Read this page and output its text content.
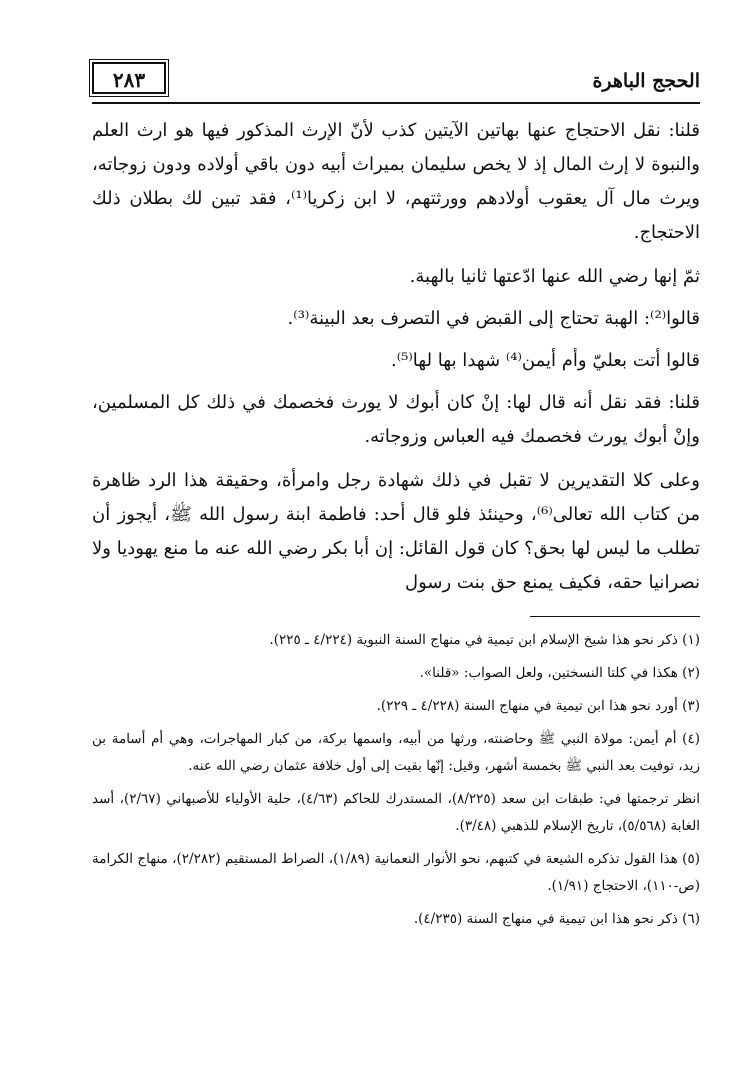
الحجج الباهرة
٢٨٣

قلنا: نقل الاحتجاج عنها بهاتين الآيتين كذب لأنّ الإرث المذكور فيها هو ارث العلم والنبوة لا إرث المال إذ لا يخص سليمان بميراث أبيه دون باقي أولاده ودون زوجاته، ويرث مال آل يعقوب أولادهم وورثتهم، لا ابن زكريا⁽¹⁾، فقد تبين لك بطلان ذلك الاحتجاج.

ثمّ إنها رضي الله عنها ادّعتها ثانيا بالهبة.

قالوا⁽²⁾: الهبة تحتاج إلى القبض في التصرف بعد البينة⁽³⁾.

قالوا أتت بعليّ وأم أيمن⁽⁴⁾ شهدا بها لها⁽⁵⁾.

قلنا: فقد نقل أنه قال لها: إنْ كان أبوك لا يورث فخصمك في ذلك كل المسلمين، وإنْ أبوك يورث فخصمك فيه العباس وزوجاته.

وعلى كلا التقديرين لا تقبل في ذلك شهادة رجل وامرأة، وحقيقة هذا الرد ظاهرة من كتاب الله تعالى⁽⁶⁾، وحينئذ فلو قال أحد: فاطمة ابنة رسول الله ﷺ، أيجوز أن تطلب ما ليس لها بحق؟ كان قول القائل: إن أبا بكر رضي الله عنه ما منع يهوديا ولا نصرانيا حقه، فكيف يمنع حق بنت رسول

(١) ذكر نحو هذا شيخ الإسلام ابن تيمية في منهاج السنة النبوية (٤/٢٢٤ ـ ٢٢٥).

(٢) هكذا في كلتا النسختين، ولعل الصواب: «قلنا».

(٣) أورد نحو هذا ابن تيمية في منهاج السنة (٤/٢٢٨ ـ ٢٢٩).

(٤) أم أيمن: مولاة النبي ﷺ وحاضنته، ورثها من أبيه، واسمها بركة، من كبار المهاجرات، وهي أم أسامة بن زيد، توفيت بعد النبي ﷺ بخمسة أشهر، وقيل: إنّها بقيت إلى أول خلافة عثمان رضي الله عنه.

انظر ترجمتها في: طبقات ابن سعد (٨/٢٢٥)، المستدرك للحاكم (٤/٦٣)، حلية الأولياء للأصبهاني (٢/٦٧)، أسد الغابة (٥/٥٦٨)، تاريخ الإسلام للذهبي (٣/٤٨).

(٥) هذا القول تذكره الشيعة في كتبهم، نحو الأنوار النعمانية (١/٨٩)، الصراط المستقيم (٢/٢٨٢)، منهاج الكرامة (ص-١١٠)، الاحتجاج (١/٩١).

(٦) ذكر نحو هذا ابن تيمية في منهاج السنة (٤/٢٣٥).
